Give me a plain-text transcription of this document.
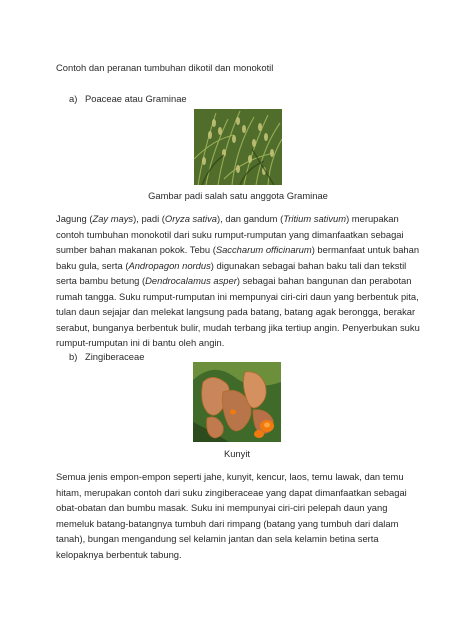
Contoh dan peranan tumbuhan dikotil dan monokotil
a) Poaceae atau Graminae
Gambar padi salah satu anggota Graminae
Jagung (Zay mays), padi (Oryza sativa), dan gandum (Tritium sativum) merupakan
contoh tumbuhan monokotil dari suku rumput-rumputan yang dimanfaatkan sebagai
sumber bahan makanan pokok. Tebu (Saccharum officinarum) bermanfaat untuk bahan
baku gula, serta (Andropagon nordus) digunakan sebagai bahan baku tali dan tekstil
serta bambu betung (Dendrocalamus asper) sebagai bahan bangunan dan perabotan
rumah tangga. Suku rumput-rumputan ini mempunyai ciri-ciri daun yang berbentuk pita,
tulan daun sejajar dan melekat langsung pada batang, batang agak berongga, berakar
serabut, bunganya berbentuk bulir, mudah terbang jika tertiup angin. Penyerbukan suku
rumput-rumputan ini di bantu oleh angin.
b) Zingiberaceae
Kunyit
Semua jenis empon-empon seperti jahe, kunyit, kencur, laos, temu lawak, dan temu
hitam, merupakan contoh dari suku zingiberaceae yang dapat dimanfaatkan sebagai
obat-obatan dan bumbu masak. Suku ini mempunyai ciri-ciri pelepah daun yang
memeluk batang-batangnya tumbuh dari rimpang (batang yang tumbuh dari dalam
tanah), bungan mengandung sel kelamin jantan dan sela kelamin betina serta
kelopaknya berbentuk tabung.
